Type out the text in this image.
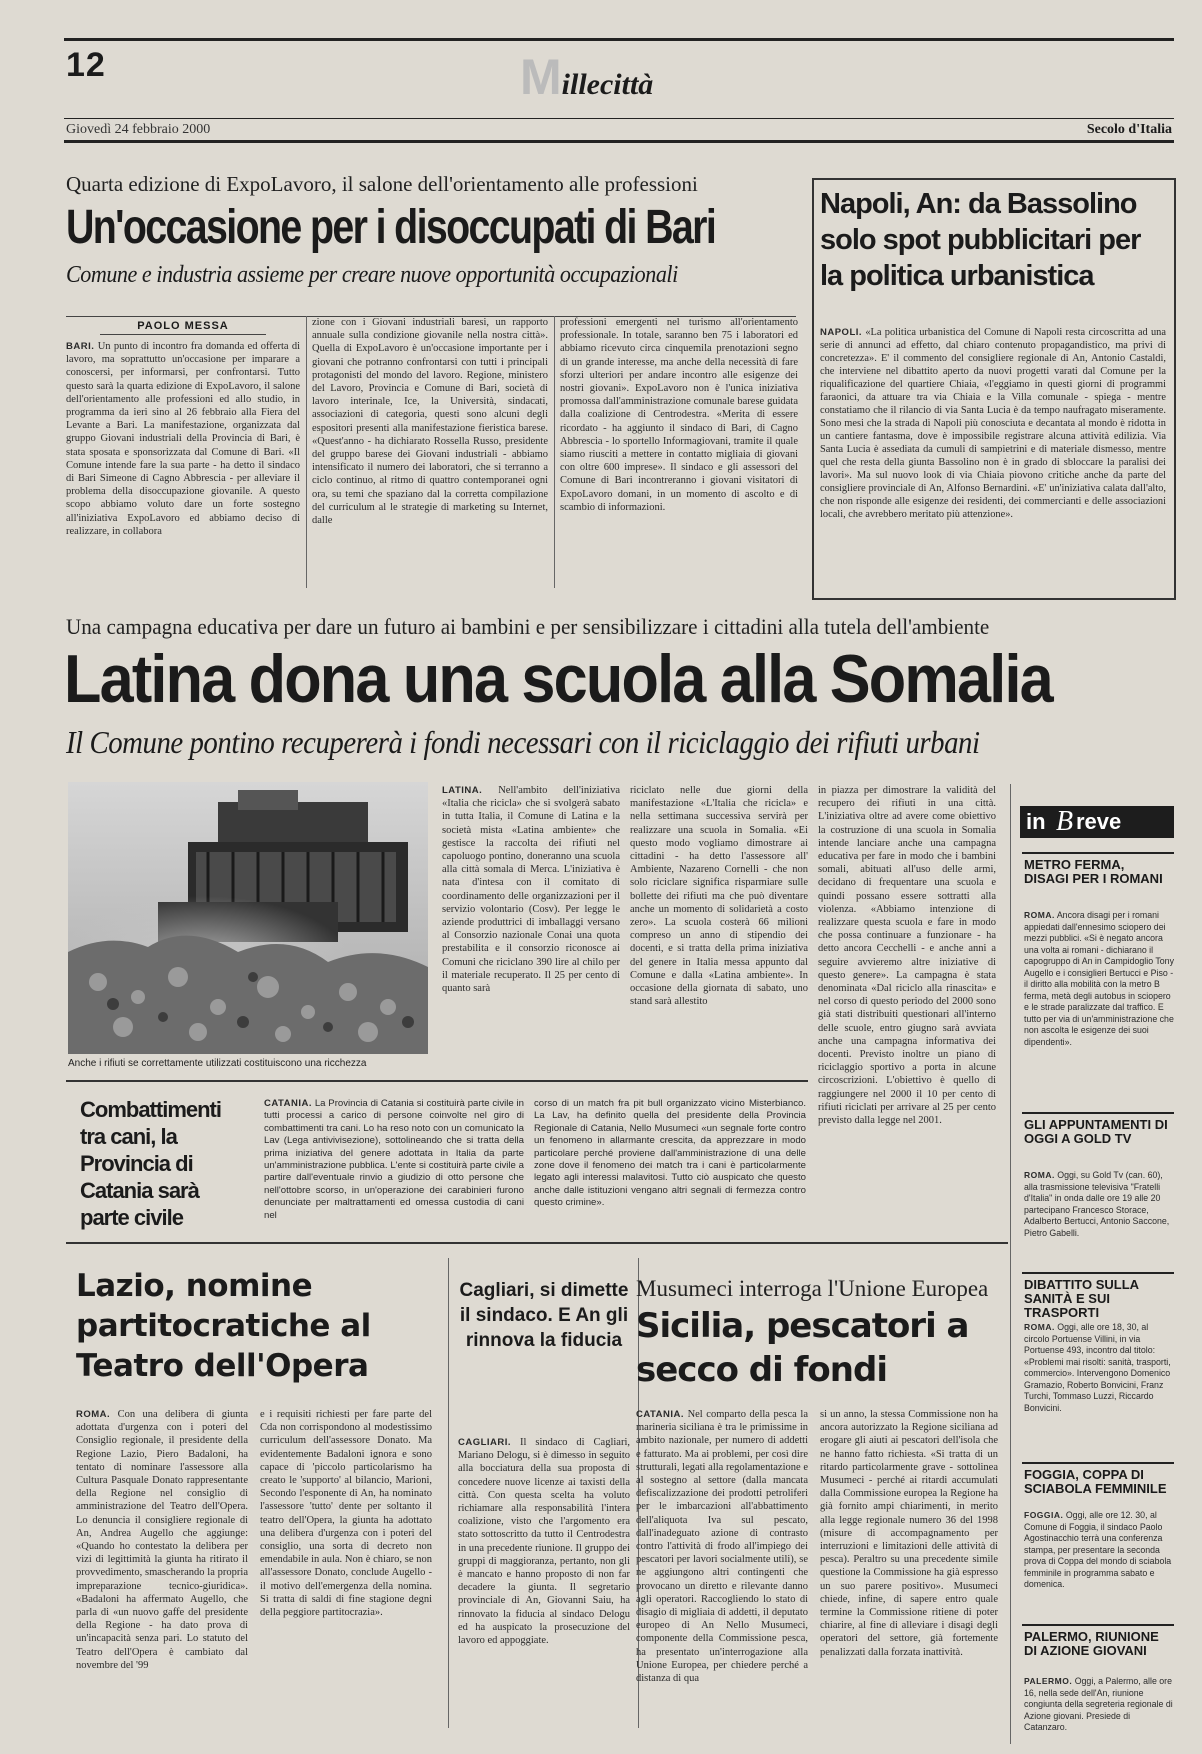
12	Millecittà
Giovedì 24 febbraio 2000	Secolo d'Italia
Quarta edizione di ExpoLavoro, il salone dell'orientamento alle professioni
Un'occasione per i disoccupati di Bari
Comune e industria assieme per creare nuove opportunità occupazionali
PAOLO MESSA
BARI. Un punto di incontro fra domanda ed offerta di lavoro, ma soprattutto un'occasione per imparare a conoscersi, per informarsi, per confrontarsi. Tutto questo sarà la quarta edizione di ExpoLavoro, il salone dell'orientamento alle professioni ed allo studio, in programma da ieri sino al 26 febbraio alla Fiera del Levante a Bari. La manifestazione, organizzata dal gruppo Giovani industriali della Provincia di Bari, è stata sposata e sponsorizzata dal Comune di Bari. «Il Comune intende fare la sua parte - ha detto il sindaco di Bari Simeone di Cagno Abbrescia - per alleviare il problema della disoccupazione giovanile. A questo scopo abbiamo voluto dare un forte sostegno all'iniziativa ExpoLavoro ed abbiamo deciso di realizzare, in collabora
zione con i Giovani industriali baresi, un rapporto annuale sulla condizione giovanile nella nostra città». Quella di ExpoLavoro è un'occasione importante per i giovani che potranno confrontarsi con tutti i principali protagonisti del mondo del lavoro. Regione, ministero del Lavoro, Provincia e Comune di Bari, società di lavoro interinale, Ice, la Università, sindacati, associazioni di categoria, questi sono alcuni degli espositori presenti alla manifestazione fieristica barese. «Quest'anno - ha dichiarato Rossella Russo, presidente del gruppo barese dei Giovani industriali - abbiamo intensificato il numero dei laboratori, che si terranno a ciclo continuo, al ritmo di quattro contemporanei ogni ora, su temi che spaziano dal la corretta compilazione del curriculum al le strategie di marketing su Internet, dalle
professioni emergenti nel turismo all'orientamento professionale. In totale, saranno ben 75 i laboratori ed abbiamo ricevuto circa cinquemila prenotazioni segno di un grande interesse, ma anche della necessità di fare sforzi ulteriori per andare incontro alle esigenze dei nostri giovani». ExpoLavoro non è l'unica iniziativa promossa dall'amministrazione comunale barese guidata dalla coalizione di Centrodestra. «Merita di essere ricordato - ha aggiunto il sindaco di Bari, di Cagno Abbrescia - lo sportello Informagiovani, tramite il quale siamo riusciti a mettere in contatto migliaia di giovani con oltre 600 imprese». Il sindaco e gli assessori del Comune di Bari incontreranno i giovani visitatori di ExpoLavoro domani, in un momento di ascolto e di scambio di informazioni.
Napoli, An: da Bassolino solo spot pubblicitari per la politica urbanistica
NAPOLI. «La politica urbanistica del Comune di Napoli resta circoscritta ad una serie di annunci ad effetto, dal chiaro contenuto propagandistico, ma privi di concretezza». E' il commento del consigliere regionale di An, Antonio Castaldi, che interviene nel dibattito aperto da nuovi progetti varati dal Comune per la riqualificazione del quartiere Chiaia, «l'eggiamo in questi giorni di programmi faraonici, da attuare tra via Chiaia e la Villa comunale - spiega - mentre constatiamo che il rilancio di via Santa Lucia è da tempo naufragato miseramente. Sono mesi che la strada di Napoli più conosciuta e decantata al mondo è ridotta in un cantiere fantasma, dove è impossibile registrare alcuna attività edilizia. Via Santa Lucia è assediata da cumuli di sampietrini e di materiale dismesso, mentre quel che resta della giunta Bassolino non è in grado di sbloccare la paralisi dei lavori». Ma sul nuovo look di via Chiaia piovono critiche anche da parte del consigliere provinciale di An, Alfonso Bernardini. «E' un'iniziativa calata dall'alto, che non risponde alle esigenze dei residenti, dei commercianti e delle associazioni locali, che avrebbero meritato più attenzione».
Una campagna educativa per dare un futuro ai bambini e per sensibilizzare i cittadini alla tutela dell'ambiente
Latina dona una scuola alla Somalia
Il Comune pontino recupererà i fondi necessari con il riciclaggio dei rifiuti urbani
Anche i rifiuti se correttamente utilizzati costituiscono una ricchezza
LATINA. Nell'ambito dell'iniziativa «Italia che ricicla» che si svolgerà sabato in tutta Italia, il Comune di Latina e la società mista «Latina ambiente» che gestisce la raccolta dei rifiuti nel capoluogo pontino, doneranno una scuola alla città somala di Merca. L'iniziativa è nata d'intesa con il comitato di coordinamento delle organizzazioni per il servizio volontario (Cosv). Per legge le aziende produttrici di imballaggi versano al Consorzio nazionale Conai una quota prestabilita e il consorzio riconosce ai Comuni che riciclano 390 lire al chilo per il materiale recuperato. Il 25 per cento di quanto sarà
riciclato nelle due giorni della manifestazione «L'Italia che ricicla» e nella settimana successiva servirà per realizzare una scuola in Somalia. «Ei questo modo vogliamo dimostrare ai cittadini - ha detto l'assessore all' Ambiente, Nazareno Cornelli - che non solo riciclare significa risparmiare sulle bollette dei rifiuti ma che può diventare anche un momento di solidarietà a costo zero». La scuola costerà 66 milioni compreso un anno di stipendio dei docenti, e si tratta della prima iniziativa del genere in Italia messa appunto dal Comune e dalla «Latina ambiente». In occasione della giornata di sabato, uno stand sarà allestito
in piazza per dimostrare la validità del recupero dei rifiuti in una città. L'iniziativa oltre ad avere come obiettivo la costruzione di una scuola in Somalia intende lanciare anche una campagna educativa per fare in modo che i bambini somali, abituati all'uso delle armi, decidano di frequentare una scuola e quindi possano essere sottratti alla violenza. «Abbiamo intenzione di realizzare questa scuola e fare in modo che possa continuare a funzionare - ha detto ancora Cecchelli - e anche anni a seguire avvieremo altre iniziative di questo genere». La campagna è stata denominata «Dal riciclo alla rinascita» e nel corso di questo periodo del 2000 sono già stati distribuiti questionari all'interno delle scuole, entro giugno sarà avviata anche una campagna informativa dei docenti. Previsto inoltre un piano di riciclaggio sportivo a porta in alcune circoscrizioni. L'obiettivo è quello di raggiungere nel 2000 il 10 per cento di rifiuti riciclati per arrivare al 25 per cento previsto dalla legge nel 2001.
Combattimenti tra cani, la Provincia di Catania sarà parte civile
CATANIA. La Provincia di Catania si costituirà parte civile in tutti processi a carico di persone coinvolte nel giro di combattimenti tra cani. Lo ha reso noto con un comunicato la Lav (Lega antivivisezione), sottolineando che si tratta della prima iniziativa del genere adottata in Italia da parte un'amministrazione pubblica. L'ente si costituirà parte civile a partire dall'eventuale rinvio a giudizio di otto persone che nell'ottobre scorso, in un'operazione dei carabinieri furono denunciate per maltrattamenti ed omessa custodia di cani nel
corso di un match fra pit bull organizzato vicino Misterbianco. La Lav, ha definito quella del presidente della Provincia Regionale di Catania, Nello Musumeci «un segnale forte contro un fenomeno in allarmante crescita, da apprezzare in modo particolare perché proviene dall'amministrazione di una delle zone dove il fenomeno dei match tra i cani è particolarmente legato agli interessi malavitosi. Tutto ciò auspicato che questo anche dalle istituzioni vengano altri segnali di fermezza contro questo crimine».
Lazio, nomine partitocratiche al Teatro dell'Opera
ROMA. Con una delibera di giunta adottata d'urgenza con i poteri del Consiglio regionale, il presidente della Regione Lazio, Piero Badaloni, ha tentato di nominare l'assessore alla Cultura Pasquale Donato rappresentante della Regione nel consiglio di amministrazione del Teatro dell'Opera. Lo denuncia il consigliere regionale di An, Andrea Augello che aggiunge: «Quando ho contestato la delibera per vizi di legittimità la giunta ha ritirato il provvedimento, smascherando la propria impreparazione tecnico-giuridica». «Badaloni ha affermato Augello, che parla di «un nuovo gaffe del presidente della Regione - ha dato prova di un'incapacità senza pari. Lo statuto del Teatro dell'Opera è cambiato dal novembre del '99
e i requisiti richiesti per fare parte del Cda non corrispondono al modestissimo curriculum dell'assessore Donato. Ma evidentemente Badaloni ignora e sono capace di 'piccolo particolarismo ha creato le 'supporto' al bilancio, Marioni, Secondo l'esponente di An, ha nominato l'assessore 'tutto' dente per soltanto il teatro dell'Opera, la giunta ha adottato una delibera d'urgenza con i poteri del consiglio, una sorta di decreto non emendabile in aula. Non è chiaro, se non all'assessore Donato, conclude Augello - il motivo dell'emergenza della nomina. Si tratta di saldi di fine stagione degni della peggiore partitocrazia».
Cagliari, si dimette il sindaco. E An gli rinnova la fiducia
CAGLIARI. Il sindaco di Cagliari, Mariano Delogu, si è dimesso in seguito alla bocciatura della sua proposta di concedere nuove licenze ai taxisti della città. Con questa scelta ha voluto richiamare alla responsabilità l'intera coalizione, visto che l'argomento era stato sottoscritto da tutto il Centrodestra in una precedente riunione. Il gruppo dei gruppi di maggioranza, pertanto, non gli è mancato e hanno proposto di non far decadere la giunta. Il segretario provinciale di An, Giovanni Saiu, ha rinnovato la fiducia al sindaco Delogu ed ha auspicato la prosecuzione del lavoro ed appoggiate.
Musumeci interroga l'Unione Europea
Sicilia, pescatori a secco di fondi
CATANIA. Nel comparto della pesca la marineria siciliana è tra le primissime in ambito nazionale, per numero di addetti e fatturato. Ma ai problemi, per così dire strutturali, legati alla regolamentazione e al sostegno al settore (dalla mancata defiscalizzazione dei prodotti petroliferi per le imbarcazioni all'abbattimento dell'aliquota Iva sul pescato, dall'inadeguato azione di contrasto contro l'attività di frodo all'impiego dei pescatori per lavori socialmente utili), se ne aggiungono altri contingenti che provocano un diretto e rilevante danno agli operatori. Raccogliendo lo stato di disagio di migliaia di addetti, il deputato europeo di An Nello Musumeci, componente della Commissione pesca, ha presentato un'interrogazione alla Unione Europea, per chiedere perché a distanza di qua
si un anno, la stessa Commissione non ha ancora autorizzato la Regione siciliana ad erogare gli aiuti ai pescatori dell'isola che ne hanno fatto richiesta. «Si tratta di un ritardo particolarmente grave - sottolinea Musumeci - perché ai ritardi accumulati dalla Commissione europea la Regione ha già fornito ampi chiarimenti, in merito alla legge regionale numero 36 del 1998 (misure di accompagnamento per interruzioni e limitazioni delle attività di pesca). Peraltro su una precedente simile questione la Commissione ha già espresso un suo parere positivo». Musumeci chiede, infine, di sapere entro quale termine la Commissione ritiene di poter chiarire, al fine di alleviare i disagi degli operatori del settore, già fortemente penalizzati dalla forzata inattività.
in B reve
METRO FERMA, DISAGI PER I ROMANI
ROMA. Ancora disagi per i romani appiedati dall'ennesimo sciopero dei mezzi pubblici. «Si è negato ancora una volta ai romani - dichiarano il capogruppo di An in Campidoglio Tony Augello e i consiglieri Bertucci e Piso - il diritto alla mobilità con la metro B ferma, metà degli autobus in sciopero e le strade paralizzate dal traffico. E tutto per via di un'amministrazione che non ascolta le esigenze dei suoi dipendenti».
GLI APPUNTAMENTI DI OGGI A GOLD TV
ROMA. Oggi, su Gold Tv (can. 60), alla trasmissione televisiva "Fratelli d'Italia" in onda dalle ore 19 alle 20 partecipano Francesco Storace, Adalberto Bertucci, Antonio Saccone, Pietro Gabelli.
DIBATTITO SULLA SANITÀ E SUI TRASPORTI
ROMA. Oggi, alle ore 18, 30, al circolo Portuense Villini, in via Portuense 493, incontro dal titolo: «Problemi mai risolti: sanità, trasporti, commercio». Intervengono Domenico Gramazio, Roberto Bonvicini, Franz Turchi, Tommaso Luzzi, Riccardo Bonvicini.
FOGGIA, COPPA DI SCIABOLA FEMMINILE
FOGGIA. Oggi, alle ore 12. 30, al Comune di Foggia, il sindaco Paolo Agostinacchio terrà una conferenza stampa, per presentare la seconda prova di Coppa del mondo di sciabola femminile in programma sabato e domenica.
PALERMO, RIUNIONE DI AZIONE GIOVANI
PALERMO. Oggi, a Palermo, alle ore 16, nella sede dell'An, riunione congiunta della segreteria regionale di Azione giovani. Presiede di Catanzaro.
